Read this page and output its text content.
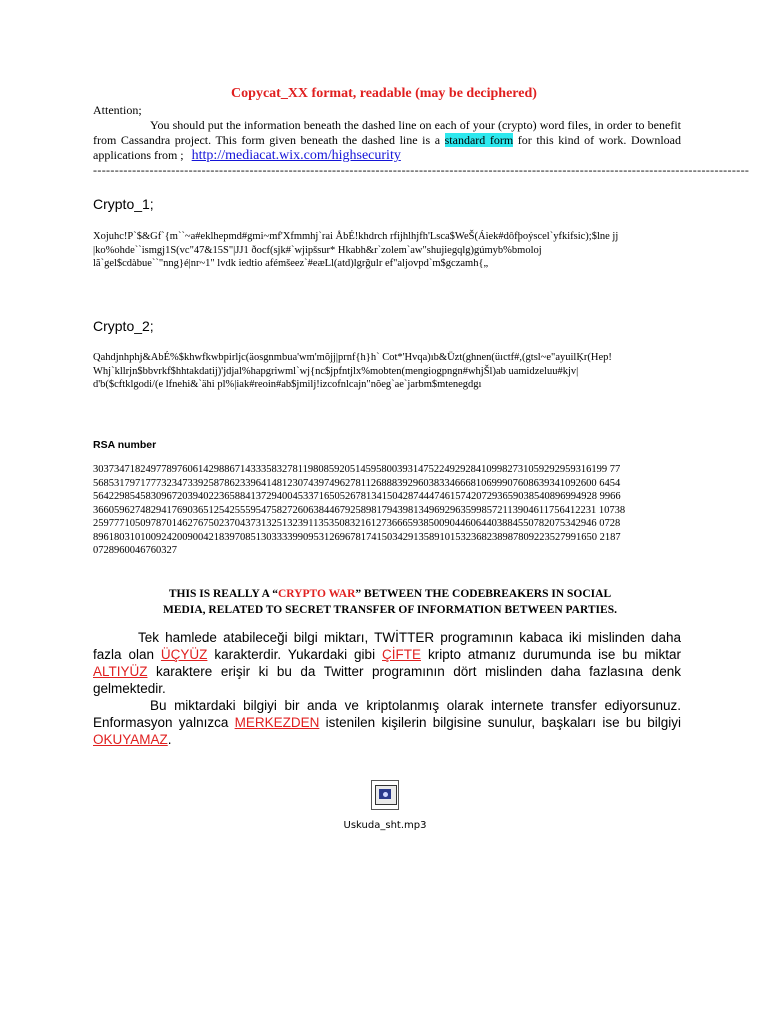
Copycat_XX format, readable (may be deciphered)

Attention;

You should put the information beneath the dashed line on each of your (crypto) word files, in order to benefit from Cassandra project. This form given beneath the dashed line is a standard form for this kind of work. Download applications from ; http://mediacat.wix.com/highsecurity

-------------------------------------------------------------------------------------------------------------------------------------------------------
Crypto_1;
Xojuhc!P`$&Gf`{m``~a#eklhepmd#gmi~mf'Xfmmhj`rai ÅbÉ!khdrch rfijhlhjfh'Lsca$WeŠ(Áiek#dôfþoýscel`yfkifsic);$lne jj
|ko%ohde``ismgj1S(vc"47&15S"|JJ1 ðocf(sjk#`wjipšsur* Hkabh&r`zolem`aw"shujiegqlg)gúmyb%bmoloj
lã`gel$cdàbue``"nng}é|nr~1" lvdk iedtio afémšeez`#eæLl(atd)lgrğulr ef"aljovpd`m$gczamh{„
Crypto_2;
Qahdjnhphj&AbÉ%$khwfkwbpirljc(äosgnmbua'wm'mõjj|prnf{h}h` Cot*'Hvqa)ıb&Üzt(ghnen(üıctf#,(gtsl~e"ayuilĶr(Hep!
Whj`kllrjn$bbvrkf$hhtakdatij)'jdjal%hapgriwml`wj{nc$jpfntjlx%mobten(mengiogpngn#whjŠl)ab uamidzeluu#kjv|
d'b($cftklgodi/(e lfnehi&`ähi pl%|iak#reoin#ab$jmilj!izcofnlcajn"nõeg`ae`jarbm$mtenegdgı
RSA number
30373471824977897606142988671433358327811980859205145958003931475224929284109982731059292959316199 77
568531797177732347339258786233964148123074397496278112688839296038334666810699907608639341092600 6454
564229854583096720394022365884137294004533716505267813415042874447461574207293659038540896994928 9966
366059627482941769036512542555954758272606384467925898179439813496929635998572113904611756412231 10738
259777105097870146276750237043731325132391135350832161273666593850090446064403884550782075342946 0728
896180310100924200900421839708513033339909531269678174150342913589101532368238987809223527991650 2187
0728960046760327
THIS IS REALLY A “CRYPTO WAR” BETWEEN THE CODEBREAKERS IN SOCIAL
MEDIA, RELATED TO SECRET TRANSFER OF INFORMATION BETWEEN PARTIES.

Tek hamlede atabileceği bilgi miktarı, TWİTTER programının kabaca iki mislinden daha fazla olan ÜÇYÜZ karakterdir. Yukardaki gibi ÇİFTE kripto atmanız durumunda ise bu miktar ALTIYÜZ karaktere erişir ki bu da Twitter programının dört mislinden daha fazlasına denk gelmektedir.

Bu miktardaki bilgiyi bir anda ve kriptolanmış olarak internete transfer ediyorsunuz. Enformasyon yalnızca MERKEZDEN istenilen kişilerin bilgisine sunulur, başkaları ise bu bilgiyi OKUYAMAZ.

Uskuda_sht.mp3
